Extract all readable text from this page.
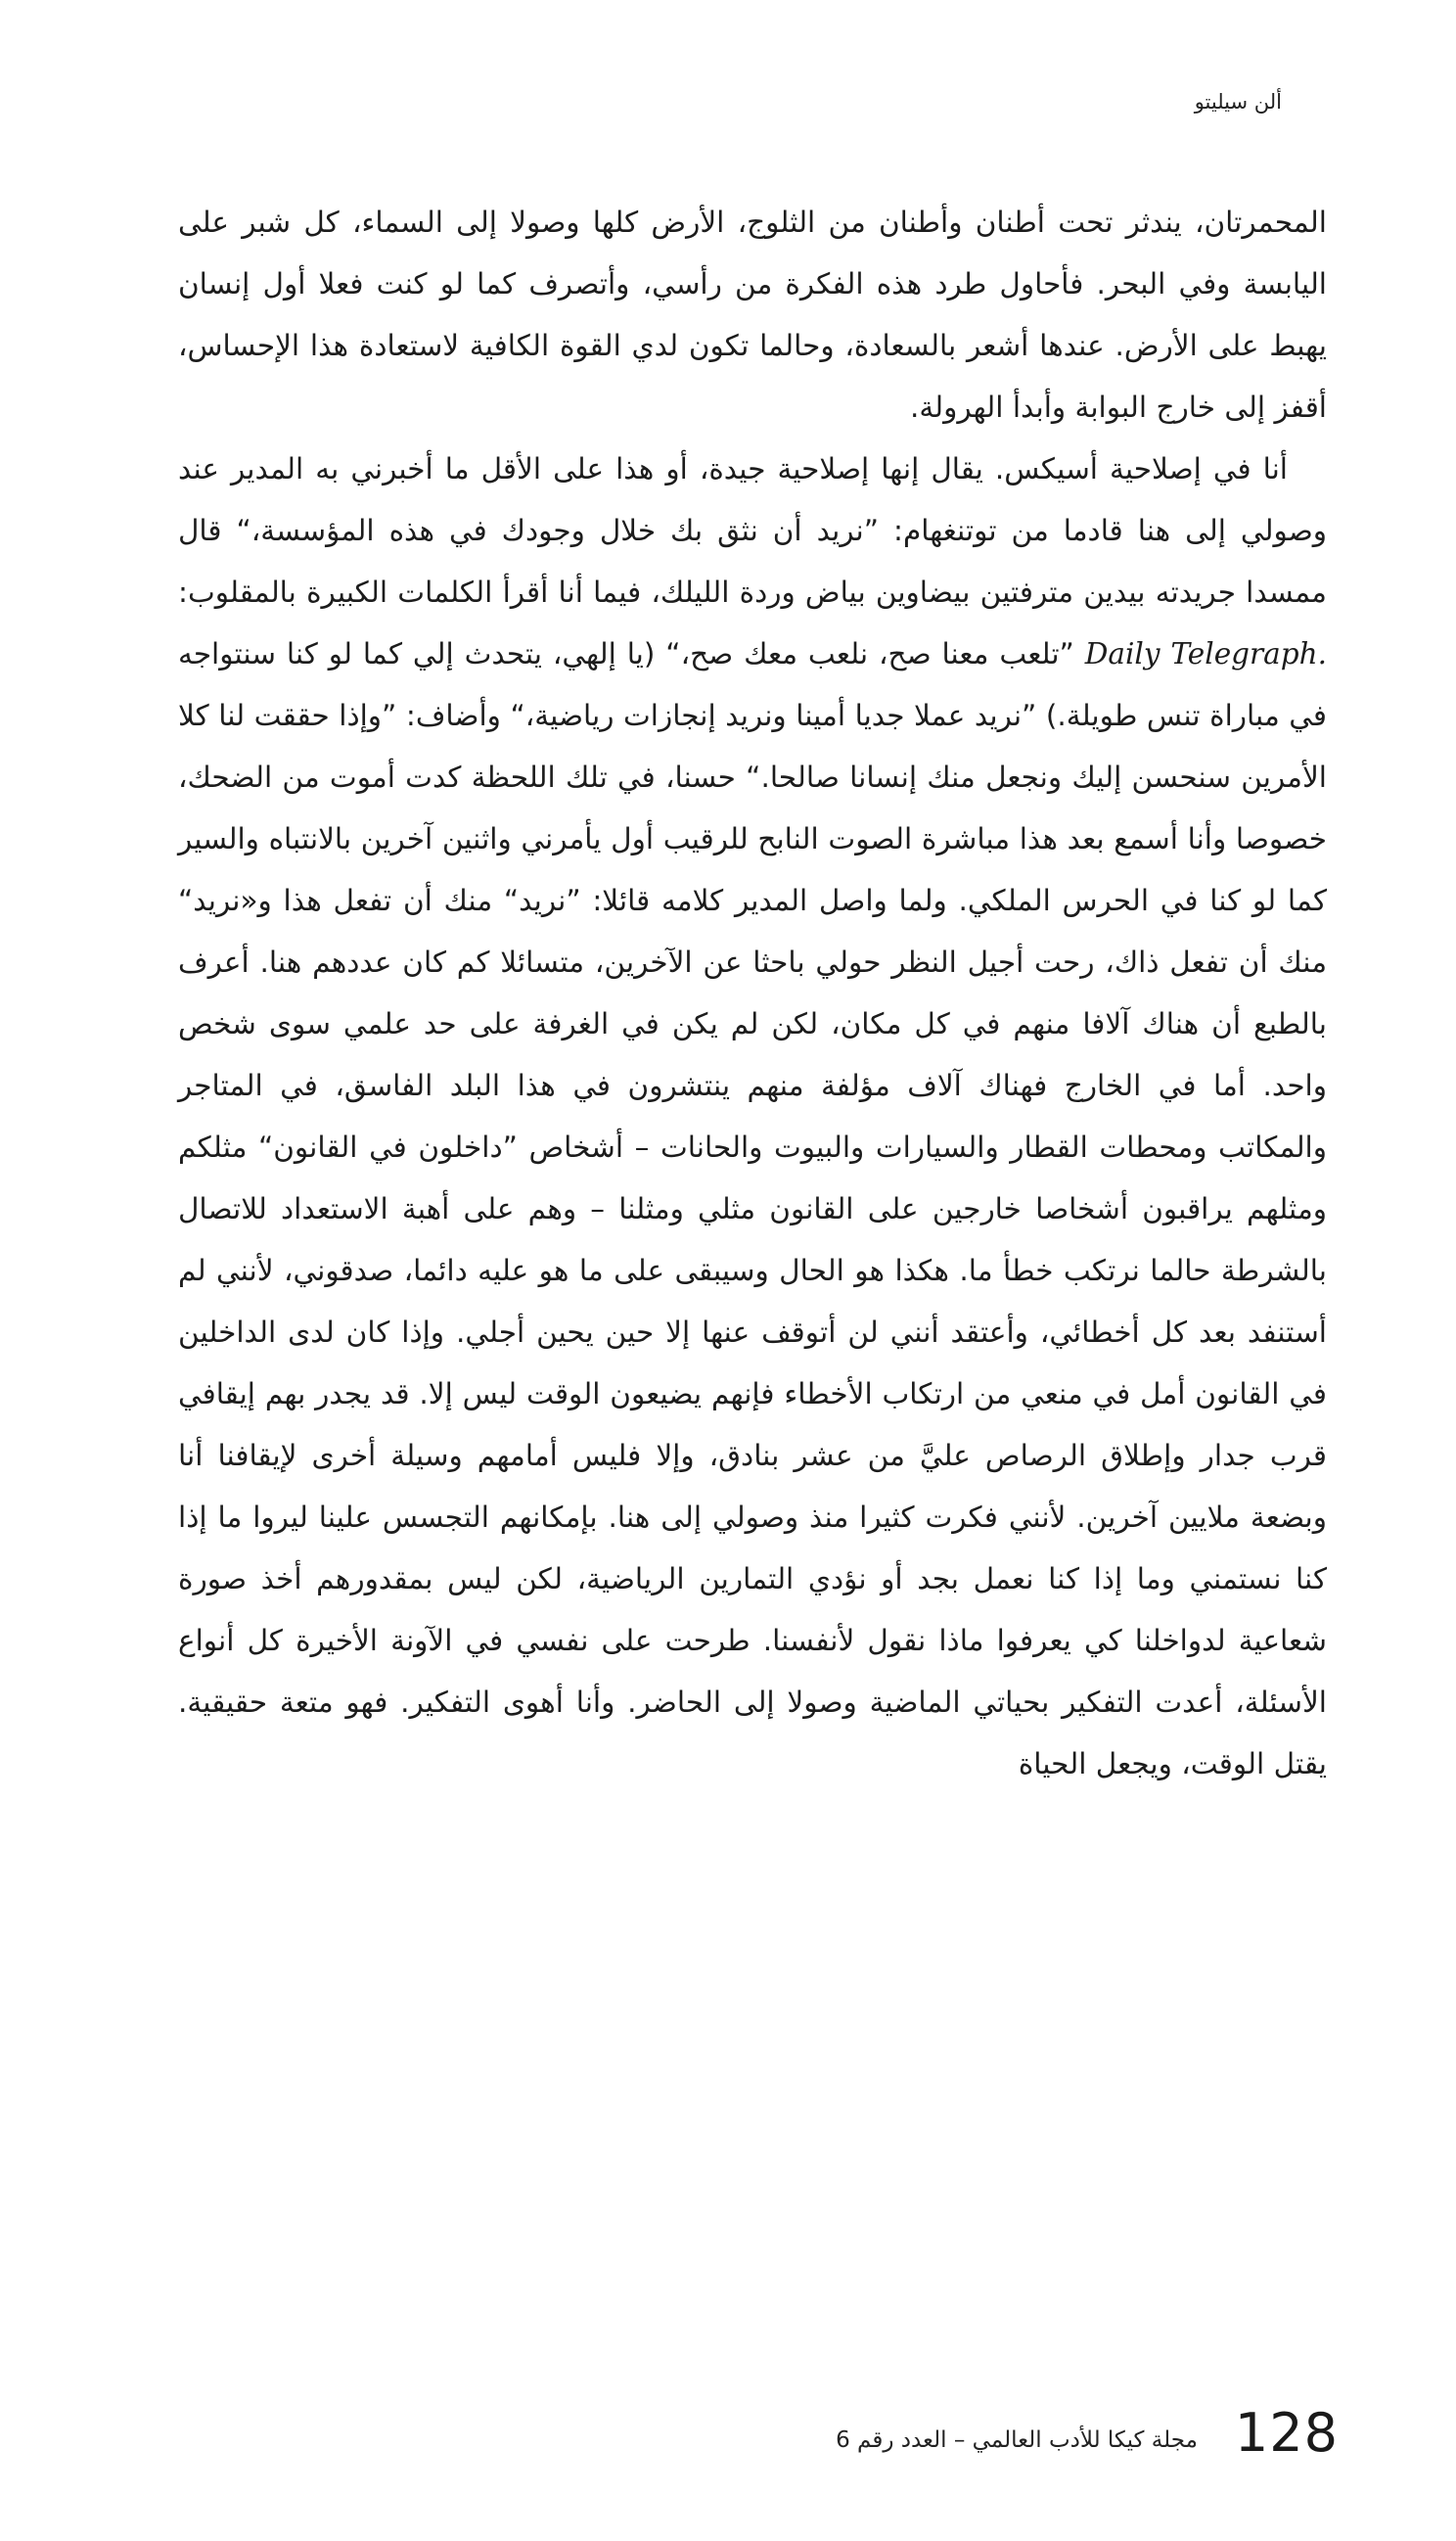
ألن سيليتو

المحمرتان، يندثر تحت أطنان وأطنان من الثلوج، الأرض كلها وصولا إلى السماء، كل شبر على اليابسة وفي البحر. فأحاول طرد هذه الفكرة من رأسي، وأتصرف كما لو كنت فعلا أول إنسان يهبط على الأرض. عندها أشعر بالسعادة، وحالما تكون لدي القوة الكافية لاستعادة هذا الإحساس، أقفز إلى خارج البوابة وأبدأ الهرولة.

أنا في إصلاحية أسيكس. يقال إنها إصلاحية جيدة، أو هذا على الأقل ما أخبرني به المدير عند وصولي إلى هنا قادما من توتنغهام: ”نريد أن نثق بك خلال وجودك في هذه المؤسسة،“ قال ممسدا جريدته بيدين مترفتين بيضاوين بياض وردة الليلك، فيما أنا أقرأ الكلمات الكبيرة بالمقلوب: Daily Telegraph. ”تلعب معنا صح، نلعب معك صح،“ (يا إلهي، يتحدث إلي كما لو كنا سنتواجه في مباراة تنس طويلة.) ”نريد عملا جديا أمينا ونريد إنجازات رياضية،“ وأضاف: ”وإذا حققت لنا كلا الأمرين سنحسن إليك ونجعل منك إنسانا صالحا.“ حسنا، في تلك اللحظة كدت أموت من الضحك، خصوصا وأنا أسمع بعد هذا مباشرة الصوت النابح للرقيب أول يأمرني واثنين آخرين بالانتباه والسير كما لو كنا في الحرس الملكي. ولما واصل المدير كلامه قائلا: ”نريد“ منك أن تفعل هذا و«نريد“ منك أن تفعل ذاك، رحت أجيل النظر حولي باحثا عن الآخرين، متسائلا كم كان عددهم هنا. أعرف بالطبع أن هناك آلافا منهم في كل مكان، لكن لم يكن في الغرفة على حد علمي سوى شخص واحد. أما في الخارج فهناك آلاف مؤلفة منهم ينتشرون في هذا البلد الفاسق، في المتاجر والمكاتب ومحطات القطار والسيارات والبيوت والحانات – أشخاص ”داخلون في القانون“ مثلكم ومثلهم يراقبون أشخاصا خارجين على القانون مثلي ومثلنا – وهم على أهبة الاستعداد للاتصال بالشرطة حالما نرتكب خطأ ما. هكذا هو الحال وسيبقى على ما هو عليه دائما، صدقوني، لأنني لم أستنفد بعد كل أخطائي، وأعتقد أنني لن أتوقف عنها إلا حين يحين أجلي. وإذا كان لدى الداخلين في القانون أمل في منعي من ارتكاب الأخطاء فإنهم يضيعون الوقت ليس إلا. قد يجدر بهم إيقافي قرب جدار وإطلاق الرصاص عليَّ من عشر بنادق، وإلا فليس أمامهم وسيلة أخرى لإيقافنا أنا وبضعة ملايين آخرين. لأنني فكرت كثيرا منذ وصولي إلى هنا. بإمكانهم التجسس علينا ليروا ما إذا كنا نستمني وما إذا كنا نعمل بجد أو نؤدي التمارين الرياضية، لكن ليس بمقدورهم أخذ صورة شعاعية لدواخلنا كي يعرفوا ماذا نقول لأنفسنا. طرحت على نفسي في الآونة الأخيرة كل أنواع الأسئلة، أعدت التفكير بحياتي الماضية وصولا إلى الحاضر. وأنا أهوى التفكير. فهو متعة حقيقية. يقتل الوقت، ويجعل الحياة

مجلة كيكا للأدب العالمي – العدد رقم 6 128
